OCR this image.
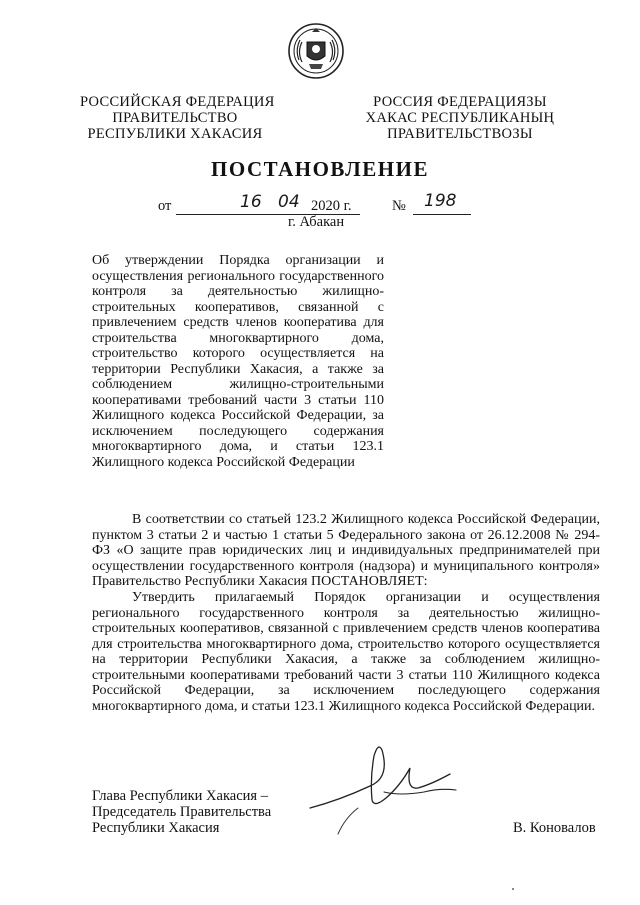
РОССИЙСКАЯ ФЕДЕРАЦИЯ
ПРАВИТЕЛЬСТВО
РЕСПУБЛИКИ ХАКАСИЯ
РОССИЯ ФЕДЕРАЦИЯЗЫ
ХАКАС РЕСПУБЛИКАНЫҢ
ПРАВИТЕЛЬСТВОЗЫ
ПОСТАНОВЛЕНИЕ
от	16 04 2020 г.	№ 198
г. Абакан
Об утверждении Порядка организации и осуществления регионального государственного контроля за деятельностью жилищно-строительных кооперативов, связанной с привлечением средств членов кооператива для строительства многоквартирного дома, строительство которого осуществляется на территории Республики Хакасия, а также за соблюдением жилищно-строительными кооперативами требований части 3 статьи 110 Жилищного кодекса Российской Федерации, за исключением последующего содержания многоквартирного дома, и статьи 123.1 Жилищного кодекса Российской Федерации
В соответствии со статьей 123.2 Жилищного кодекса Российской Федерации, пунктом 3 статьи 2 и частью 1 статьи 5 Федерального закона от 26.12.2008 № 294-ФЗ «О защите прав юридических лиц и индивидуальных предпринимателей при осуществлении государственного контроля (надзора) и муниципального контроля» Правительство Республики Хакасия ПОСТАНОВЛЯЕТ:
Утвердить прилагаемый Порядок организации и осуществления регионального государственного контроля за деятельностью жилищно-строительных кооперативов, связанной с привлечением средств членов кооператива для строительства многоквартирного дома, строительство которого осуществляется на территории Республики Хакасия, а также за соблюдением жилищно-строительными кооперативами требований части 3 статьи 110 Жилищного кодекса Российской Федерации, за исключением последующего содержания многоквартирного дома, и статьи 123.1 Жилищного кодекса Российской Федерации.
Глава Республики Хакасия –
Председатель Правительства
Республики Хакасия	В. Коновалов
